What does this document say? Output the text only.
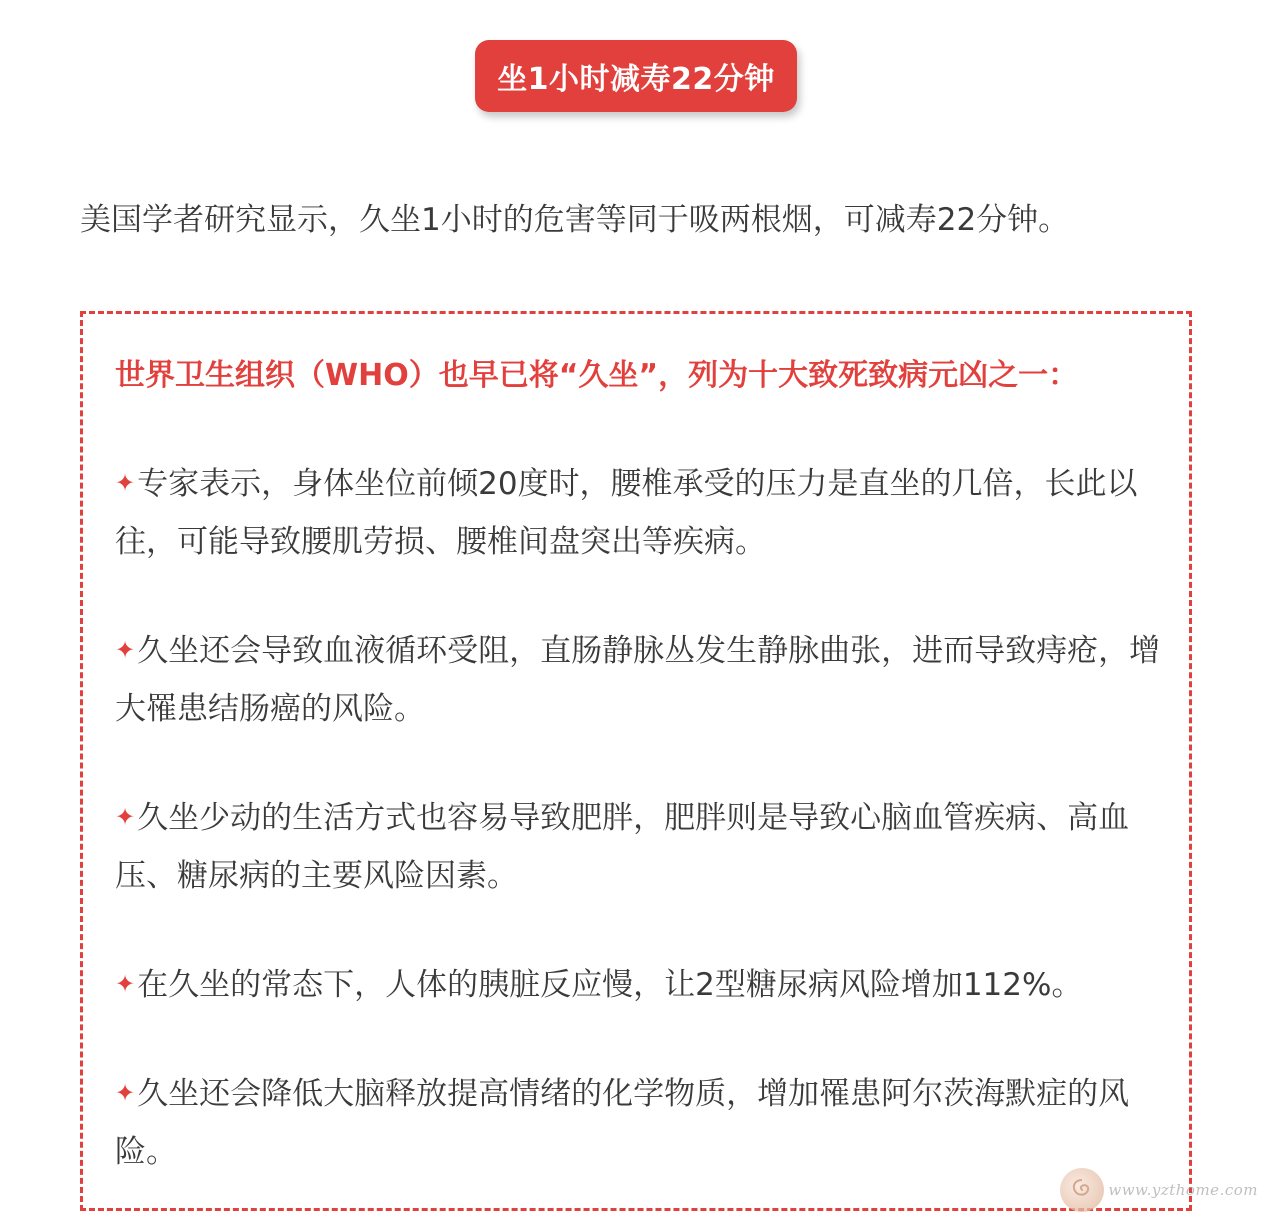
坐1小时减寿22分钟
美国学者研究显示，久坐1小时的危害等同于吸两根烟，可减寿22分钟。
世界卫生组织（WHO）也早已将“久坐”，列为十大致死致病元凶之一：

✦专家表示，身体坐位前倾20度时，腰椎承受的压力是直坐的几倍，长此以往，可能导致腰肌劳损、腰椎间盘突出等疾病。

✦久坐还会导致血液循环受阻，直肠静脉丛发生静脉曲张，进而导致痔疮，增大罹患结肠癌的风险。

✦久坐少动的生活方式也容易导致肥胖，肥胖则是导致心脑血管疾病、高血压、糖尿病的主要风险因素。

✦在久坐的常态下，人体的胰脏反应慢，让2型糖尿病风险增加112%。

✦久坐还会降低大脑释放提高情绪的化学物质，增加罹患阿尔茨海默症的风险。

www.yzthome.com
